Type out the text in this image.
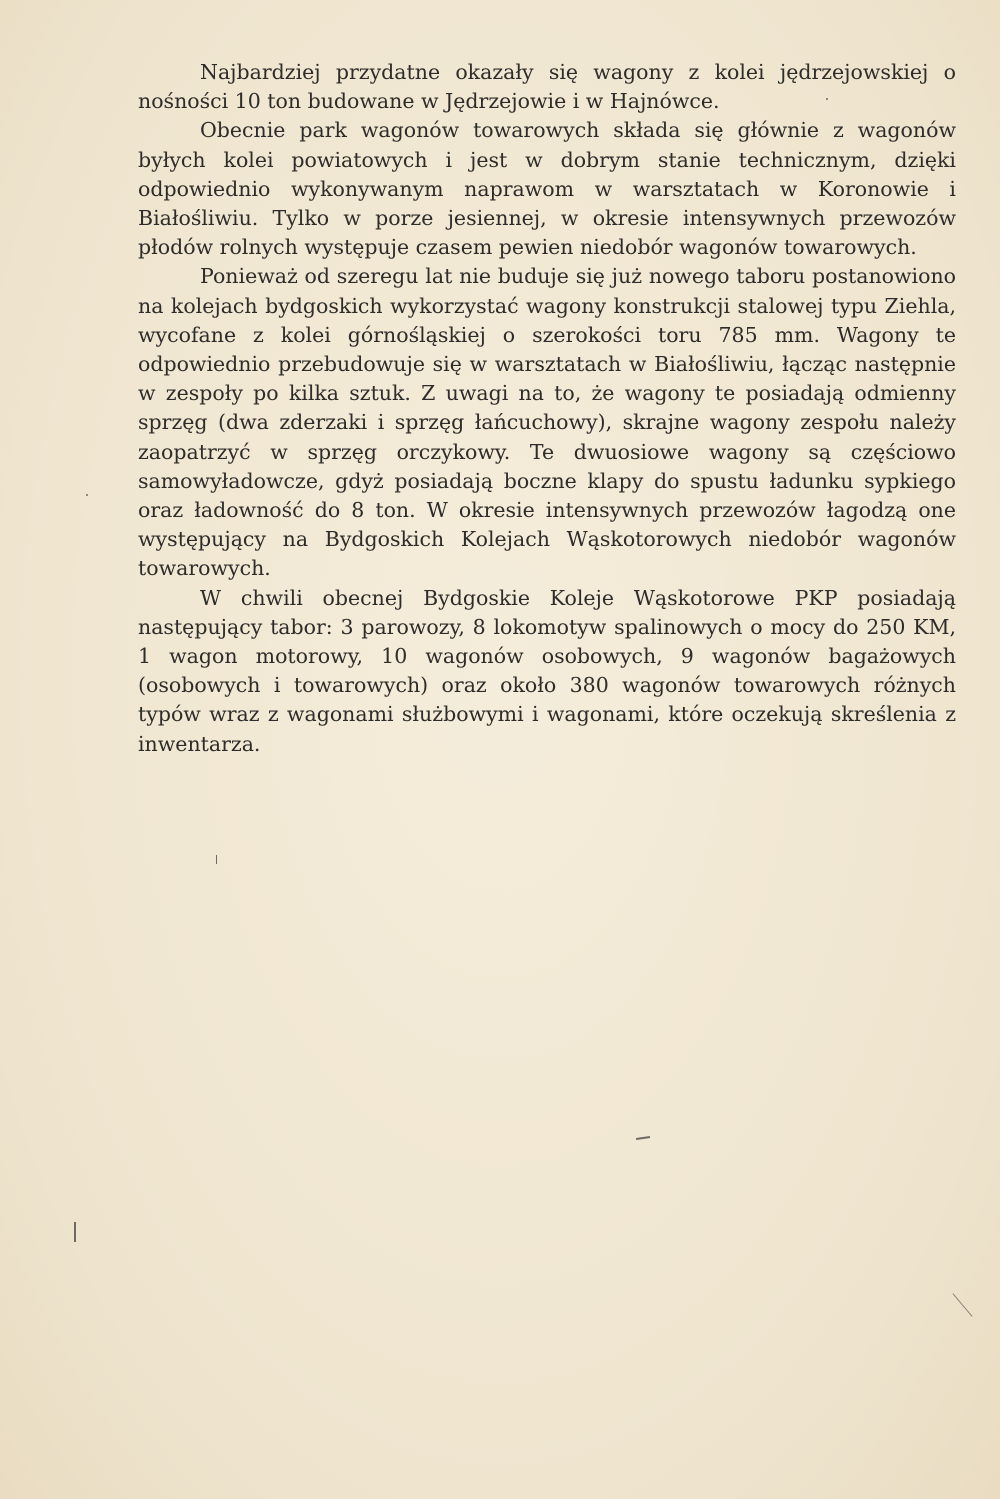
Najbardziej przydatne okazały się wagony z kolei jędrzejowskiej o nośności 10 ton budowane w Jędrzejowie i w Hajnówce.

Obecnie park wagonów towarowych składa się głównie z wagonów byłych kolei powiatowych i jest w dobrym stanie technicznym, dzięki odpowiednio wykonywanym naprawom w warsztatach w Koronowie i Białośliwiu. Tylko w porze jesiennej, w okresie intensywnych przewozów płodów rolnych występuje czasem pewien niedobór wagonów towarowych.

Ponieważ od szeregu lat nie buduje się już nowego taboru postanowiono na kolejach bydgoskich wykorzystać wagony konstrukcji stalowej typu Ziehla, wycofane z kolei górnośląskiej o szerokości toru 785 mm. Wagony te odpowiednio przebudowuje się w warsztatach w Białośliwiu, łącząc następnie w zespoły po kilka sztuk. Z uwagi na to, że wagony te posiadają odmienny sprzęg (dwa zderzaki i sprzęg łańcuchowy), skrajne wagony zespołu należy zaopatrzyć w sprzęg orczykowy. Te dwuosiowe wagony są częściowo samowyładowcze, gdyż posiadają boczne klapy do spustu ładunku sypkiego oraz ładowność do 8 ton. W okresie intensywnych przewozów łagodzą one występujący na Bydgoskich Kolejach Wąskotorowych niedobór wagonów towarowych.

W chwili obecnej Bydgoskie Koleje Wąskotorowe PKP posiadają następujący tabor: 3 parowozy, 8 lokomotyw spalinowych o mocy do 250 KM, 1 wagon motorowy, 10 wagonów osobowych, 9 wagonów bagażowych (osobowych i towarowych) oraz około 380 wagonów towarowych różnych typów wraz z wagonami służbowymi i wagonami, które oczekują skreślenia z inwentarza.
